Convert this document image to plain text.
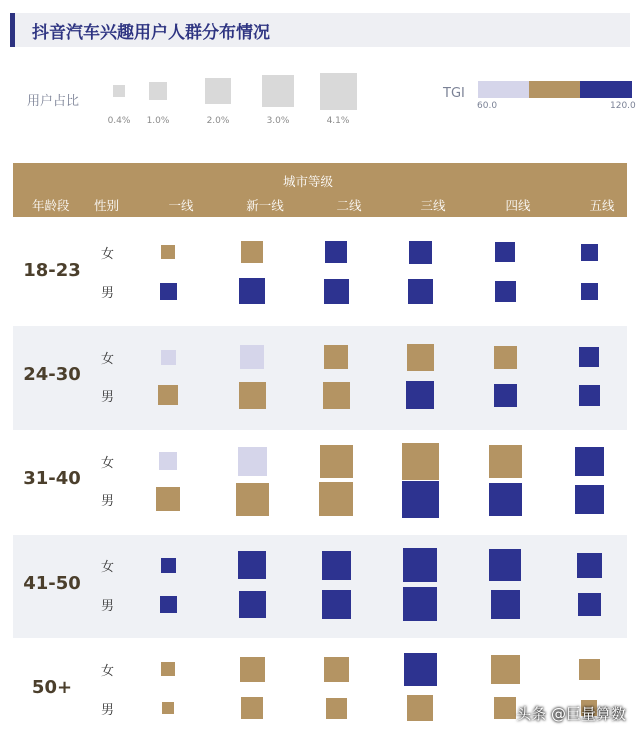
抖音汽车兴趣用户人群分布情况
用户占比
0.4%	1.0%	2.0%	3.0%	4.1%
TGI
60.0	120.0
城市等级
年龄段 性别	一线	新一线	二线	三线	四线	五线
18-23
女
男
24-30
女
男
31-40
女
男
41-50
女
男
50+
女
男	头条 @巨量算数
